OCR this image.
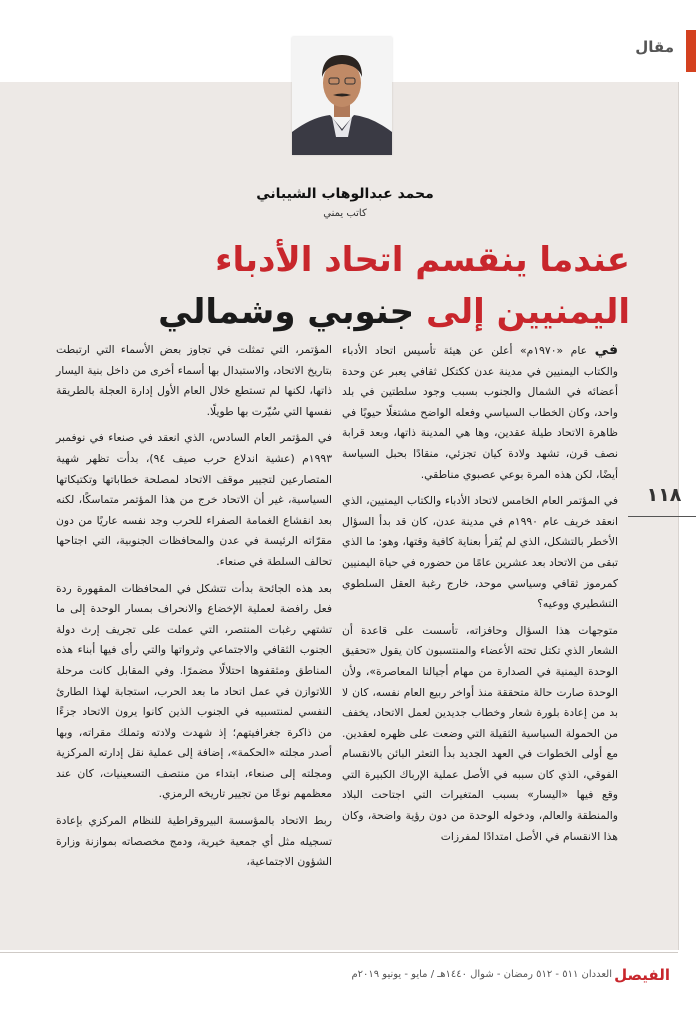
مقال
١١٨
محمد عبدالوهاب الشيباني
كاتب يمني
عندما ينقسم اتحاد الأدباء
اليمنيين إلى جنوبي وشمالي

في عام «١٩٧٠م» أعلن عن هيئة تأسيس اتحاد الأدباء والكتاب اليمنيين في مدينة عدن ككتكل ثقافي يعبر عن وحدة أعضائه في الشمال والجنوب بسبب وجود سلطتين في بلد واحد، وكان الخطاب السياسي وفعله الواضح مشتغلًا حيويًا في ظاهرة الاتحاد طيلة عقدين، وها هي المدينة ذاتها، وبعد قرابة نصف قرن، تشهد ولادة كيان تجزئي، منقادًا بحبل السياسة أيضًا، لكن هذه المرة بوعي عصبوي مناطقي.

في المؤتمر العام الخامس لاتحاد الأدباء والكتاب اليمنيين، الذي انعقد خريف عام ١٩٩٠م في مدينة عدن، كان قد بدأ السؤال الأخطر بالتشكل، الذي لم يُقرأ بعناية كافية وقتها، وهو: ما الذي تبقى من الاتحاد بعد عشرين عامًا من حضوره في حياة اليمنيين كمرموز ثقافي وسياسي موحد، خارج رغبة العقل السلطوي التشطيري ووعيه؟

متوجهات هذا السؤال وحافزاته، تأسست على قاعدة أن الشعار الذي تكتل تحته الأعضاء والمنتسبون كان يقول «تحقيق الوحدة اليمنية في الصدارة من مهام أجيالنا المعاصرة»، ولأن الوحدة صارت حالة متحققة منذ أواخر ربيع العام نفسه، كان لا بد من إعادة بلورة شعار وخطاب جديدين لعمل الاتحاد، يخفف من الحمولة السياسية الثقيلة التي وضعت على ظهره لعقدين. مع أولى الخطوات في العهد الجديد بدأ التعثر البائن بالانقسام الفوقي، الذي كان سببه في الأصل عملية الإرباك الكبيرة التي وقع فيها «اليسار» بسبب المتغيرات التي اجتاحت البلاد والمنطقة والعالم، ودخوله الوحدة من دون رؤية واضحة، وكان هذا الانقسام في الأصل امتدادًا لمفرزات

المؤتمر، التي تمثلت في تجاوز بعض الأسماء التي ارتبطت بتاريخ الاتحاد، والاستبدال بها أسماء أخرى من داخل بنية اليسار ذاتها، لكنها لم تستطع خلال العام الأول إدارة العجلة بالطريقة نفسها التي سُيّرت بها طويلًا.

في المؤتمر العام السادس، الذي انعقد في صنعاء في نوفمبر ١٩٩٣م (عشية اندلاع حرب صيف ٩٤)، بدأت تظهر شهية المتصارعين لتجيير موقف الاتحاد لمصلحة خطاباتها وتكتيكاتها السياسية، غير أن الاتحاد خرج من هذا المؤتمر متماسكًا، لكنه بعد انقشاع الغمامة الصفراء للحرب وجد نفسه عاريًا من دون مقرّاته الرئيسة في عدن والمحافظات الجنوبية، التي اجتاحها تحالف السلطة في صنعاء.

بعد هذه الجائحة بدأت تتشكل في المحافظات المقهورة ردة فعل رافضة لعملية الإخضاع والانحراف بمسار الوحدة إلى ما تشتهي رغبات المنتصر، التي عملت على تجريف إرث دولة الجنوب الثقافي والاجتماعي وثرواتها والتي رأى فيها أبناء هذه المناطق ومثقفوها احتلالًا مضمرًا. وفي المقابل كانت مرحلة اللاتوازن في عمل اتحاد ما بعد الحرب، استجابة لهذا الطارئ النفسي لمنتسبيه في الجنوب الذين كانوا يرون الاتحاد جزءًا من ذاكرة جغرافيتهم؛ إذ شهدت ولادته وتملك مقراته، وبها أصدر مجلته «الحكمة»، إضافة إلى عملية نقل إدارته المركزية ومجلته إلى صنعاء، ابتداء من منتصف التسعينيات، كان عند معظمهم نوعًا من تجيير تاريخه الرمزي.

ربط الاتحاد بالمؤسسة البيروقراطية للنظام المركزي بإعادة تسجيله مثل أي جمعية خيرية، ودمج مخصصاته بموازنة وزارة الشؤون الاجتماعية،

الفيصل
العددان ٥١١ - ٥١٢ رمضان - شوال ١٤٤٠هـ / مايو - يونيو ٢٠١٩م
